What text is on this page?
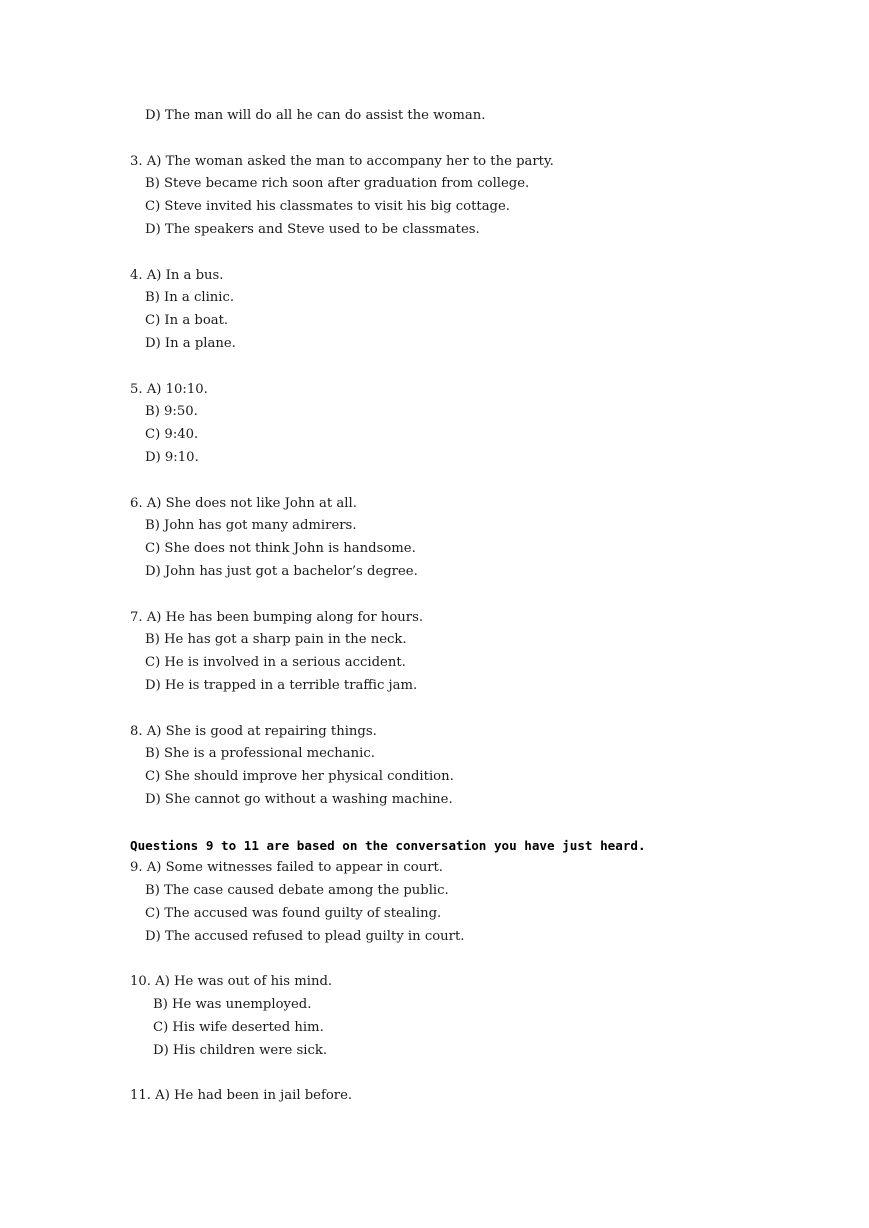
D) The man will do all he can do assist the woman.
3. A) The woman asked the man to accompany her to the party.
B) Steve became rich soon after graduation from college.
C) Steve invited his classmates to visit his big cottage.
D) The speakers and Steve used to be classmates.
4. A) In a bus.
B) In a clinic.
C) In a boat.
D) In a plane.
5. A) 10:10.
B) 9:50.
C) 9:40.
D) 9:10.
6. A) She does not like John at all.
B) John has got many admirers.
C) She does not think John is handsome.
D) John has just got a bachelor’s degree.
7. A) He has been bumping along for hours.
B) He has got a sharp pain in the neck.
C) He is involved in a serious accident.
D) He is trapped in a terrible traffic jam.
8. A) She is good at repairing things.
B) She is a professional mechanic.
C) She should improve her physical condition.
D) She cannot go without a washing machine.
Questions 9 to 11 are based on the conversation you have just heard.
9. A) Some witnesses failed to appear in court.
B) The case caused debate among the public.
C) The accused was found guilty of stealing.
D) The accused refused to plead guilty in court.
10. A) He was out of his mind.
B) He was unemployed.
C) His wife deserted him.
D) His children were sick.
11. A) He had been in jail before.
